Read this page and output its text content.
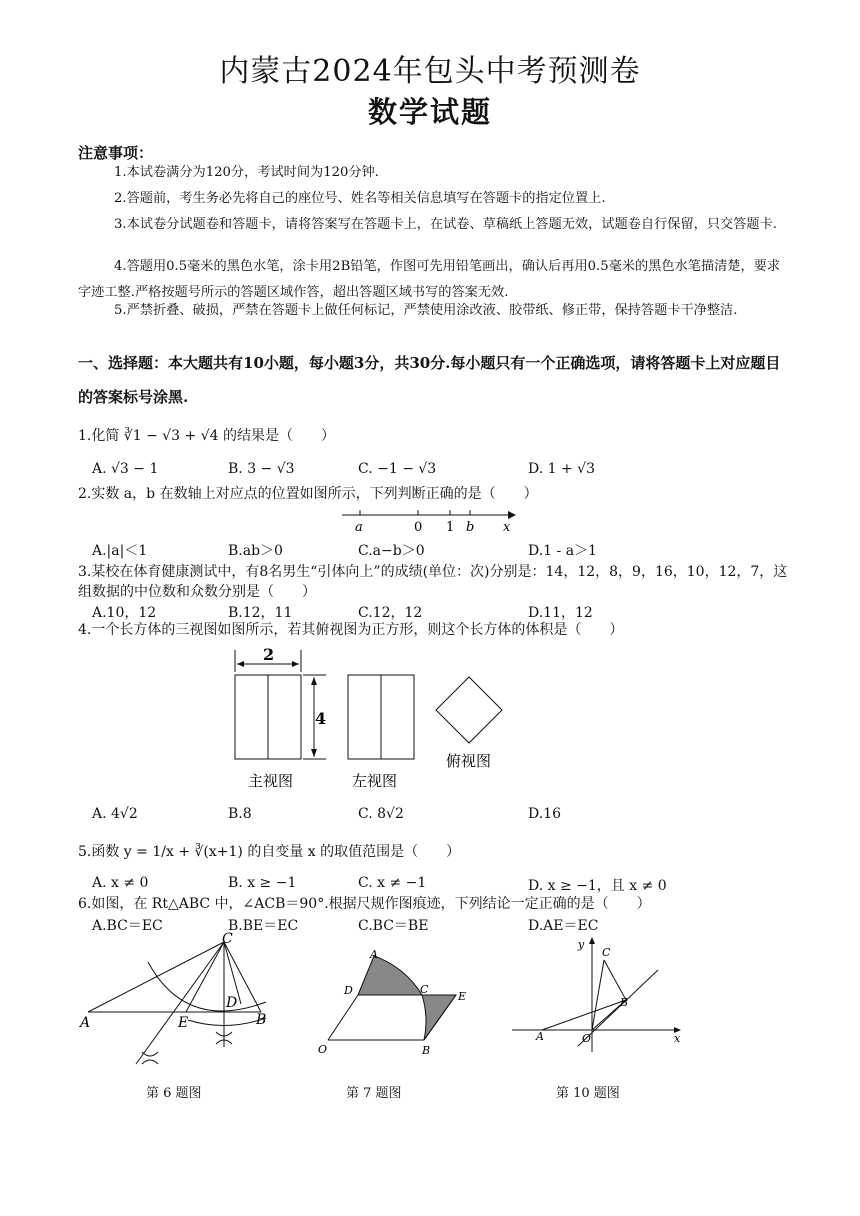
内蒙古2024年包头中考预测卷
数学试题
注意事项：
1.本试卷满分为120分，考试时间为120分钟.
2.答题前，考生务必先将自己的座位号、姓名等相关信息填写在答题卡的指定位置上.
3.本试卷分试题卷和答题卡，请将答案写在答题卡上，在试卷、草稿纸上答题无效，试题卷自行保留，只交答题卡.
4.答题用0.5毫米的黑色水笔，涂卡用2B铅笔，作图可先用铅笔画出，确认后再用0.5毫米的黑色水笔描清楚，要求字迹工整.严格按题号所示的答题区域作答，超出答题区域书写的答案无效.
5.严禁折叠、破损，严禁在答题卡上做任何标记，严禁使用涂改液、胶带纸、修正带，保持答题卡干净整洁.
一、选择题：本大题共有10小题，每小题3分，共30分.每小题只有一个正确选项，请将答题卡上对应题目的答案标号涂黑.
1.化简 ∛1 − √3 + √4 的结果是（　　）
A. √3 − 1	B. 3 − √3	C. −1 − √3	D. 1 + √3
2.实数 a，b 在数轴上对应点的位置如图所示，下列判断正确的是（　　）
a	0 1 b x
A.|a|＜1	B.ab＞0	C.a−b＞0	D.1 - a＞1
3.某校在体育健康测试中，有8名男生“引体向上”的成绩(单位：次)分别是：14，12，8，9，16，10，12，7，这组数据的中位数和众数分别是（　　）
A.10，12	B.12，11	C.12，12	D.11，12
4.一个长方体的三视图如图所示，若其俯视图为正方形，则这个长方体的体积是（　　）
2
4
主视图	左视图
俯视图
A. 4√2	B.8	C. 8√2	D.16
5.函数 y = 1/x + ∛(x+1) 的自变量 x 的取值范围是（　　）
A. x ≠ 0	B. x ≥ −1	C. x ≠ −1	D. x ≥ −1，且 x ≠ 0
6.如图，在 Rt△ABC 中，∠ACB＝90°.根据尺规作图痕迹，下列结论一定正确的是（　　）
A.BC＝EC	B.BE＝EC	C.BC＝BE	D.AE＝EC
C
D
A	E	B
第 6 题图
A
D	C
E
O	B
第 7 题图
y
C
B
A	O	x
第 10 题图
